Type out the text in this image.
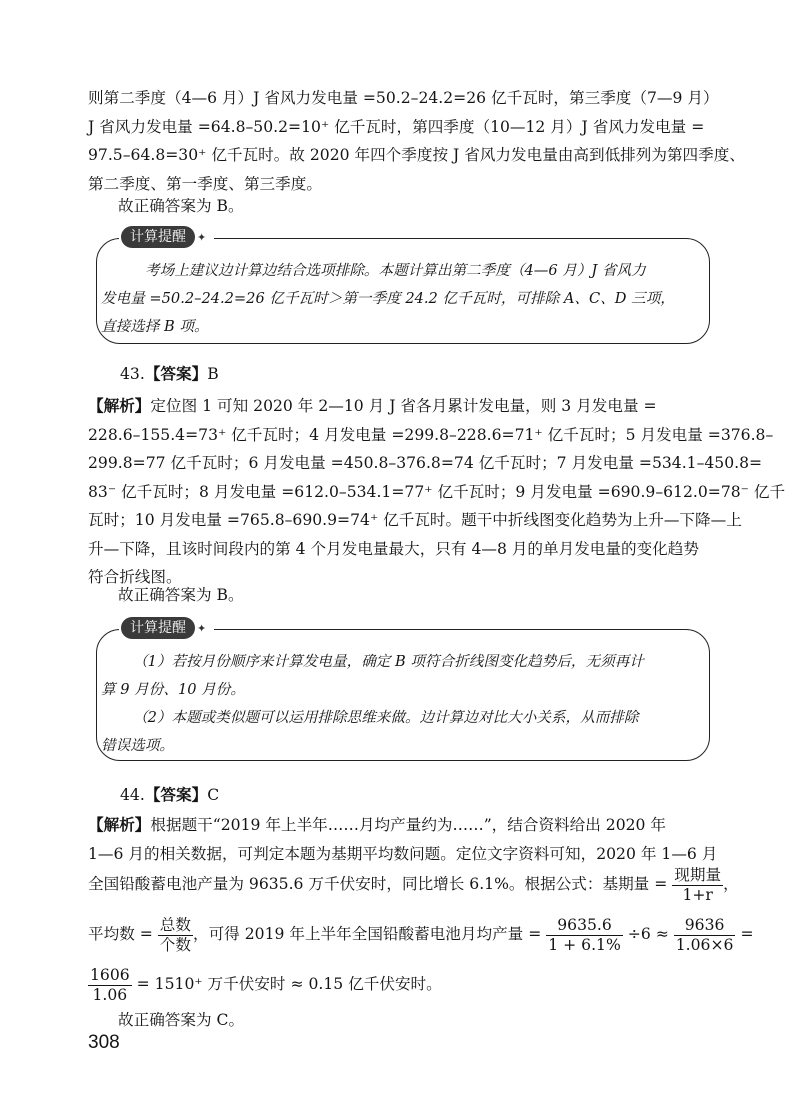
则第二季度（4—6 月）J 省风力发电量 =50.2–24.2=26 亿千瓦时，第三季度（7—9 月）
J 省风力发电量 =64.8–50.2=10⁺ 亿千瓦时，第四季度（10—12 月）J 省风力发电量 =
97.5–64.8=30⁺ 亿千瓦时。故 2020 年四个季度按 J 省风力发电量由高到低排列为第四季度、
第二季度、第一季度、第三季度。
故正确答案为 B。
计算提醒 ✦
考场上建议边计算边结合选项排除。本题计算出第二季度（4—6 月）J 省风力
发电量 =50.2–24.2=26 亿千瓦时＞第一季度 24.2 亿千瓦时，可排除 A、C、D 三项，
直接选择 B 项。
43.【答案】B
【解析】定位图 1 可知 2020 年 2—10 月 J 省各月累计发电量，则 3 月发电量 =
228.6–155.4=73⁺ 亿千瓦时；4 月发电量 =299.8–228.6=71⁺ 亿千瓦时；5 月发电量 =376.8–
299.8=77 亿千瓦时；6 月发电量 =450.8–376.8=74 亿千瓦时；7 月发电量 =534.1–450.8=
83⁻ 亿千瓦时；8 月发电量 =612.0–534.1=77⁺ 亿千瓦时；9 月发电量 =690.9–612.0=78⁻ 亿千
瓦时；10 月发电量 =765.8–690.9=74⁺ 亿千瓦时。题干中折线图变化趋势为上升—下降—上
升—下降，且该时间段内的第 4 个月发电量最大，只有 4—8 月的单月发电量的变化趋势
符合折线图。
故正确答案为 B。
计算提醒 ✦
（1）若按月份顺序来计算发电量，确定 B 项符合折线图变化趋势后，无须再计
算 9 月份、10 月份。
（2）本题或类似题可以运用排除思维来做。边计算边对比大小关系，从而排除
错误选项。
44.【答案】C
【解析】根据题干“2019 年上半年……月均产量约为……”，结合资料给出 2020 年
1—6 月的相关数据，可判定本题为基期平均数问题。定位文字资料可知，2020 年 1—6 月
全国铅酸蓄电池产量为 9635.6 万千伏安时，同比增长 6.1%。根据公式：基期量 = $\frac{\text{现期量}}{1+r}$ ，
平均数 = $\frac{\text{总数}}{\text{个数}}$ ，可得 2019 年上半年全国铅酸蓄电池月均产量 = $\frac{9635.6}{1 + 6.1\%} \div 6 \approx \frac{9636}{1.06\times 6}$ =
$\frac{1606}{1.06} = 1510^+$ 万千伏安时 ≈ 0.15 亿千伏安时。
故正确答案为 C。
308
